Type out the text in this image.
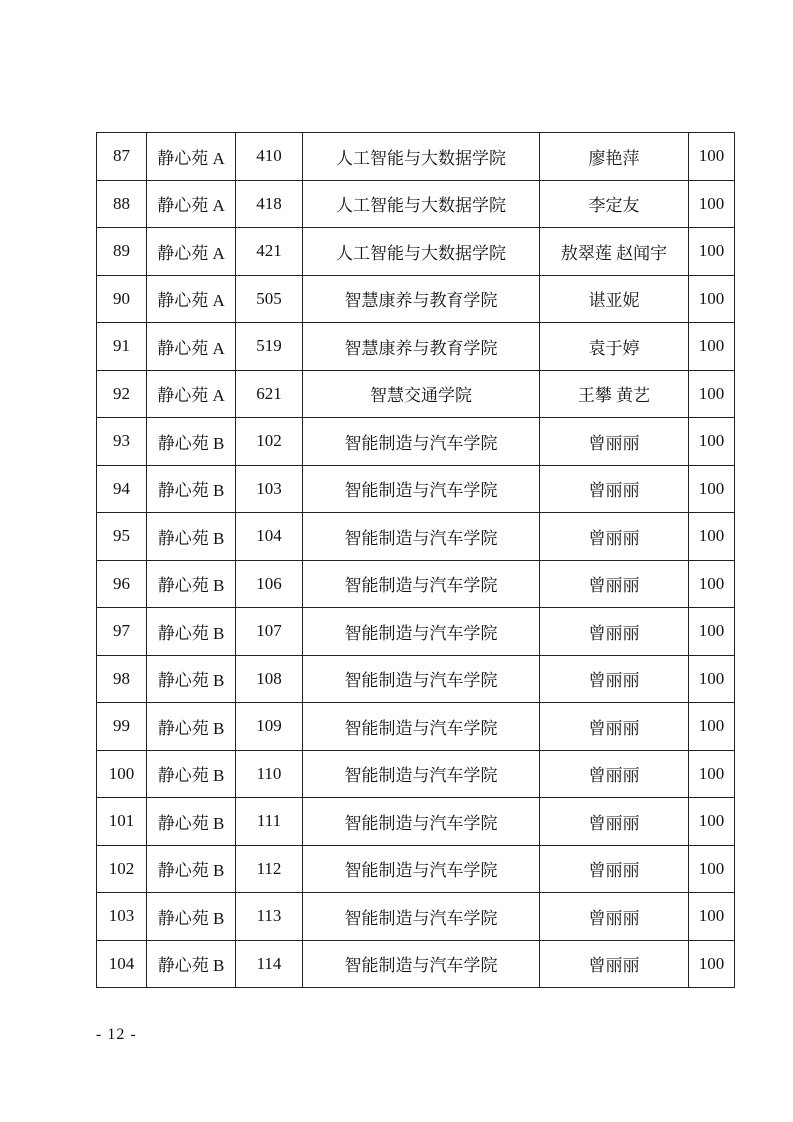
87	静心苑 A	410	人工智能与大数据学院	廖艳萍	100
88	静心苑 A	418	人工智能与大数据学院	李定友	100
89	静心苑 A	421	人工智能与大数据学院	敖翠莲 赵闻宇	100
90	静心苑 A	505	智慧康养与教育学院	谌亚妮	100
91	静心苑 A	519	智慧康养与教育学院	袁于婷	100
92	静心苑 A	621	智慧交通学院	王攀 黄艺	100
93	静心苑 B	102	智能制造与汽车学院	曾丽丽	100
94	静心苑 B	103	智能制造与汽车学院	曾丽丽	100
95	静心苑 B	104	智能制造与汽车学院	曾丽丽	100
96	静心苑 B	106	智能制造与汽车学院	曾丽丽	100
97	静心苑 B	107	智能制造与汽车学院	曾丽丽	100
98	静心苑 B	108	智能制造与汽车学院	曾丽丽	100
99	静心苑 B	109	智能制造与汽车学院	曾丽丽	100
100	静心苑 B	110	智能制造与汽车学院	曾丽丽	100
101	静心苑 B	111	智能制造与汽车学院	曾丽丽	100
102	静心苑 B	112	智能制造与汽车学院	曾丽丽	100
103	静心苑 B	113	智能制造与汽车学院	曾丽丽	100
104	静心苑 B	114	智能制造与汽车学院	曾丽丽	100
- 12 -
